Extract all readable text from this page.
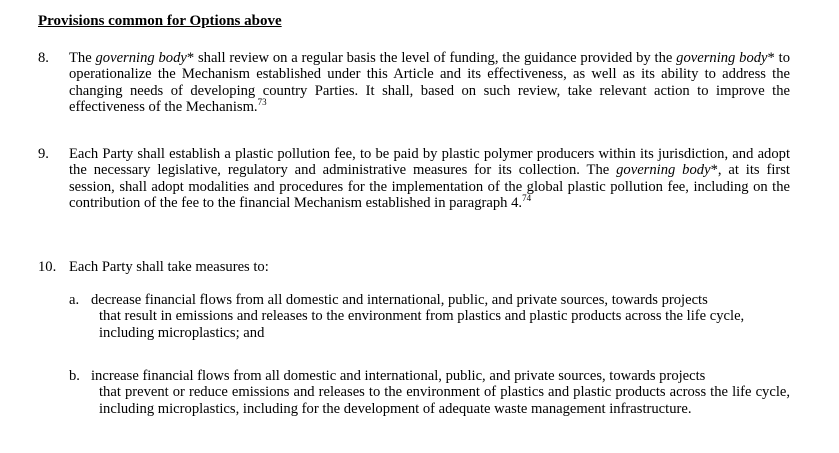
Provisions common for Options above

8. The governing body* shall review on a regular basis the level of funding, the guidance provided by the governing body* to operationalize the Mechanism established under this Article and its effectiveness, as well as its ability to address the changing needs of developing country Parties. It shall, based on such review, take relevant action to improve the effectiveness of the Mechanism.$^{73}$
9. Each Party shall establish a plastic pollution fee, to be paid by plastic polymer producers within its jurisdiction, and adopt the necessary legislative, regulatory and administrative measures for its collection. The governing body*, at its first session, shall adopt modalities and procedures for the implementation of the global plastic pollution fee, including on the contribution of the fee to the financial Mechanism established in paragraph 4.74
10. Each Party shall take measures to:
a. decrease financial flows from all domestic and international, public, and private sources, towards projects
that result in emissions and releases to the environment from plastics and plastic products across the life cycle, including microplastics; and
b. increase financial flows from all domestic and international, public, and private sources, towards projects
that prevent or reduce emissions and releases to the environment of plastics and plastic products across the life cycle, including microplastics, including for the development of adequate waste management infrastructure.
